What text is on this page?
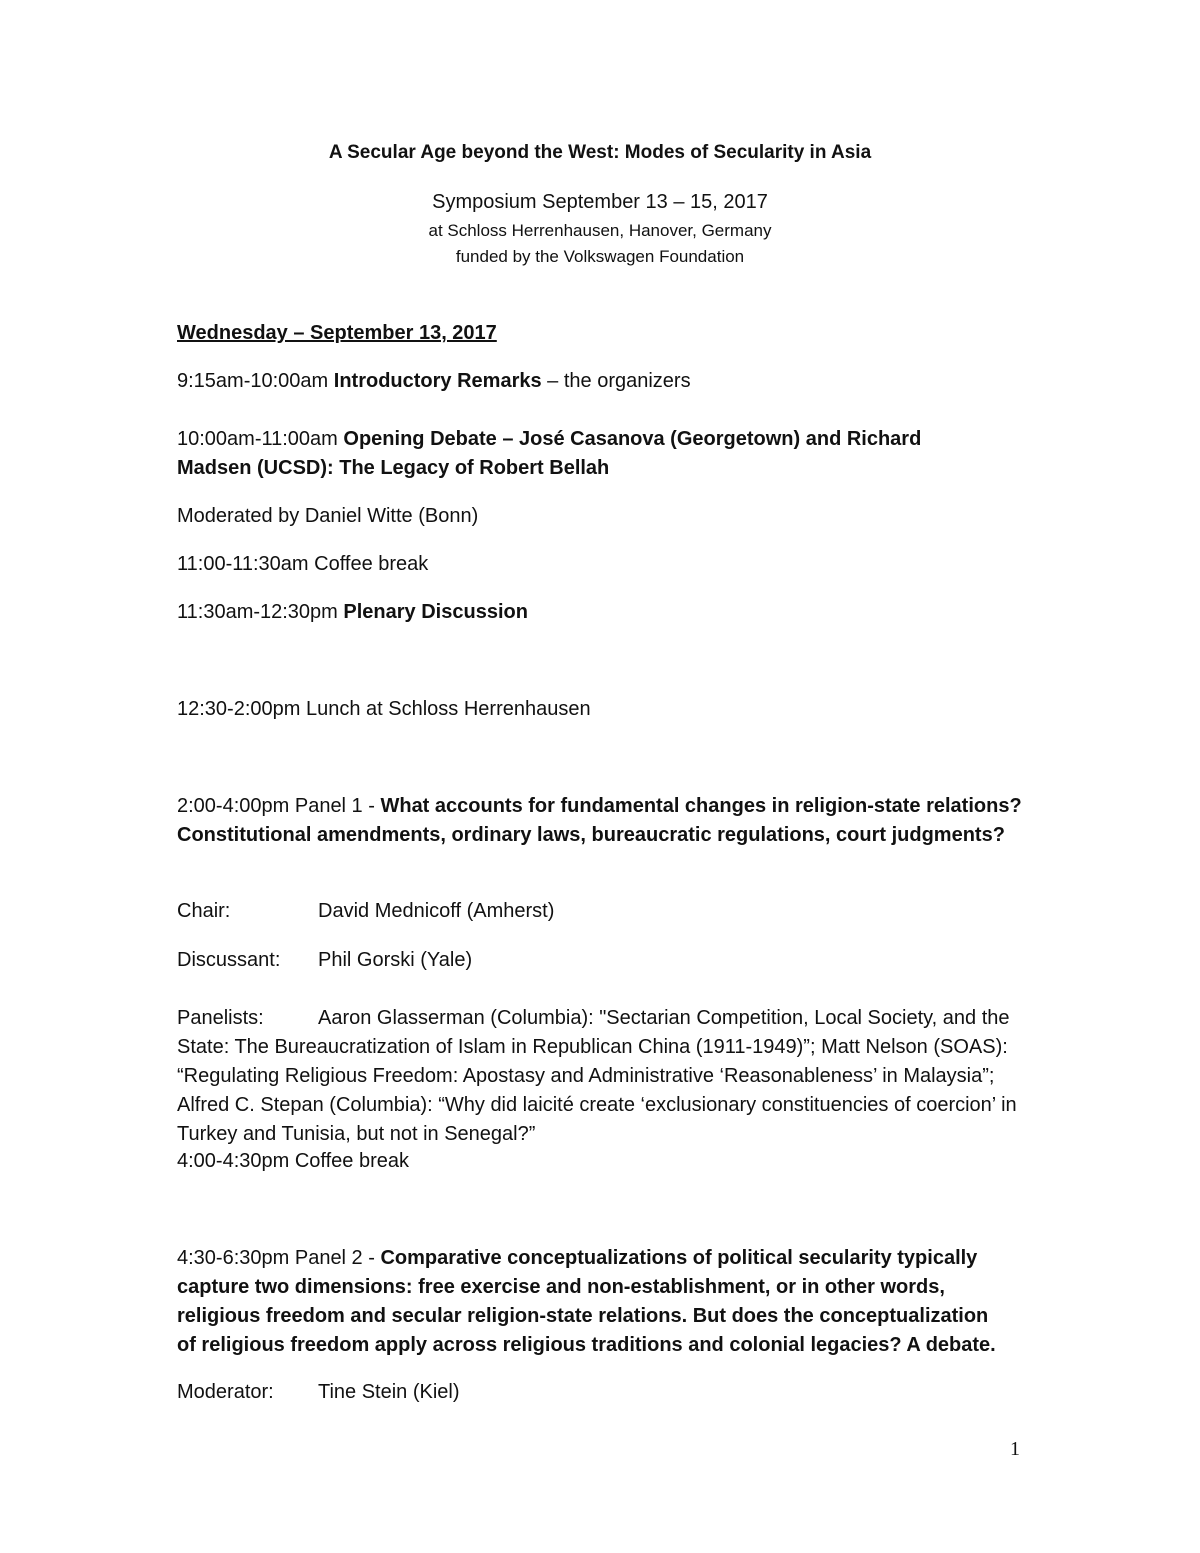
A Secular Age beyond the West: Modes of Secularity in Asia
Symposium September 13 – 15, 2017
at Schloss Herrenhausen, Hanover, Germany
funded by the Volkswagen Foundation
Wednesday – September 13, 2017
9:15am-10:00am Introductory Remarks – the organizers
10:00am-11:00am Opening Debate – José Casanova (Georgetown) and Richard Madsen (UCSD): The Legacy of Robert Bellah
Moderated by Daniel Witte (Bonn)
11:00-11:30am Coffee break
11:30am-12:30pm Plenary Discussion
12:30-2:00pm Lunch at Schloss Herrenhausen
2:00-4:00pm Panel 1 - What accounts for fundamental changes in religion-state relations? Constitutional amendments, ordinary laws, bureaucratic regulations, court judgments?
Chair:	David Mednicoff (Amherst)
Discussant: Phil Gorski (Yale)
Panelists:	Aaron Glasserman (Columbia): "Sectarian Competition, Local Society, and the State: The Bureaucratization of Islam in Republican China (1911-1949)”; Matt Nelson (SOAS): “Regulating Religious Freedom: Apostasy and Administrative ‘Reasonableness’ in Malaysia”; Alfred C. Stepan (Columbia): “Why did laicité create ‘exclusionary constituencies of coercion’ in Turkey and Tunisia, but not in Senegal?”
4:00-4:30pm Coffee break
4:30-6:30pm Panel 2 - Comparative conceptualizations of political secularity typically capture two dimensions: free exercise and non-establishment, or in other words, religious freedom and secular religion-state relations. But does the conceptualization of religious freedom apply across religious traditions and colonial legacies? A debate.
Moderator: Tine Stein (Kiel)
1
